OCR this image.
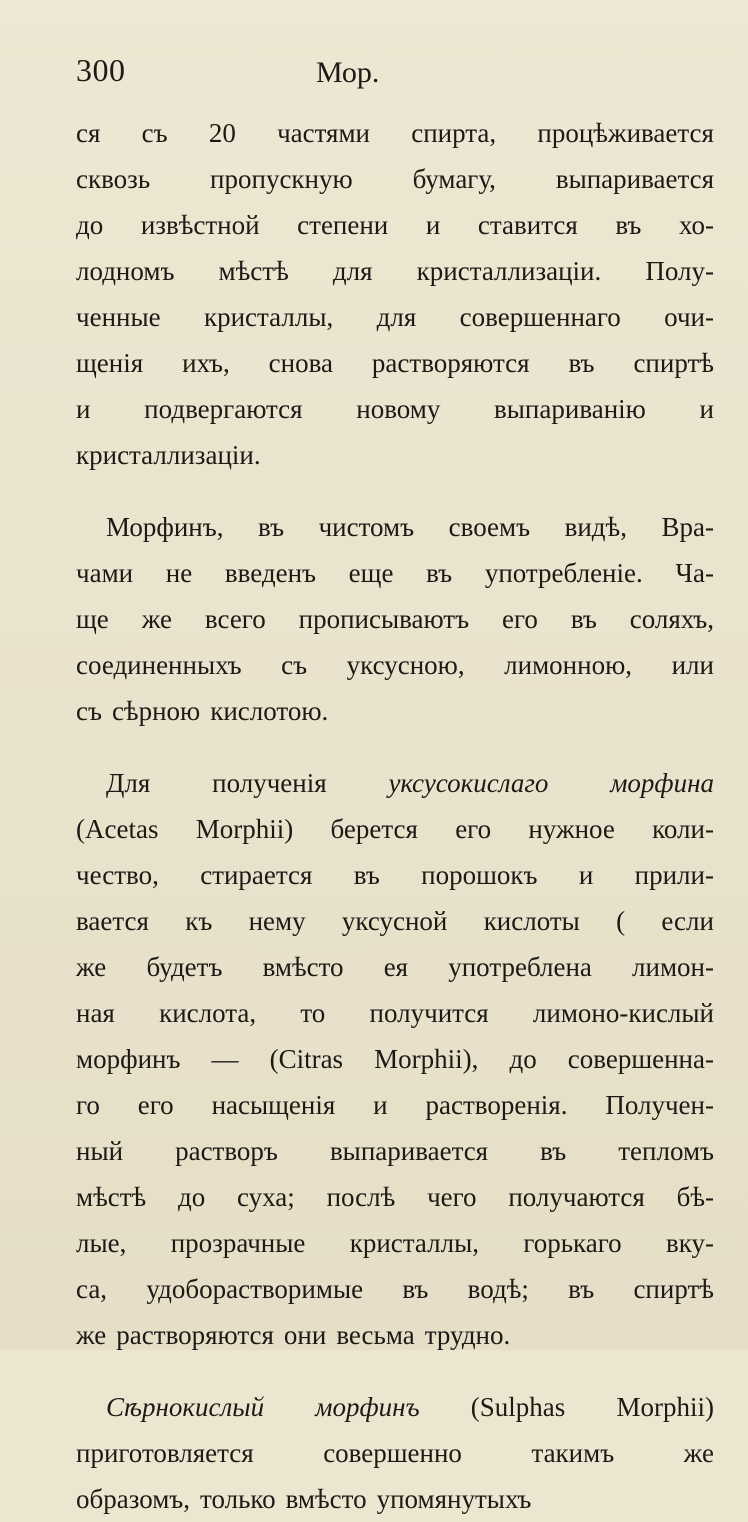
300	Мор.
ся съ 20 частями спирта, процѣживается
сквозь пропускную бумагу, выпаривается
до извѣстной степени и ставится въ хо-
лодномъ мѣстѣ для кристаллизаціи. Полу-
ченные кристаллы, для совершеннаго очи-
щенія ихъ, снова растворяются въ спиртѣ
и подвергаются новому выпариванію и
кристаллизаціи.
Морфинъ, въ чистомъ своемъ видѣ, Вра-
чами не введенъ еще въ употребленіе. Ча-
ще же всего прописываютъ его въ соляхъ,
соединенныхъ съ уксусною, лимонною, или
съ сѣрною кислотою.
Для полученія уксусокислаго морфина
(Acetas Morphii) берется его нужное коли-
чество, стирается въ порошокъ и прили-
вается къ нему уксусной кислоты ( если
же будетъ вмѣсто ея употреблена лимон-
ная кислота, то получится лимоно-кислый
морфинъ — (Citras Morphii), до совершенна-
го его насыщенія и растворенія. Получен-
ный растворъ выпаривается въ тепломъ
мѣстѣ до суха; послѣ чего получаются бѣ-
лые, прозрачные кристаллы, горькаго вку-
са, удоборастворимые въ водѣ; въ спиртѣ
же растворяются они весьма трудно.
Сѣрнокислый морфинъ (Sulphas Morphii)
приготовляется	совершенно	такимъ	же
образомъ, только вмѣсто упомянутыхъ
